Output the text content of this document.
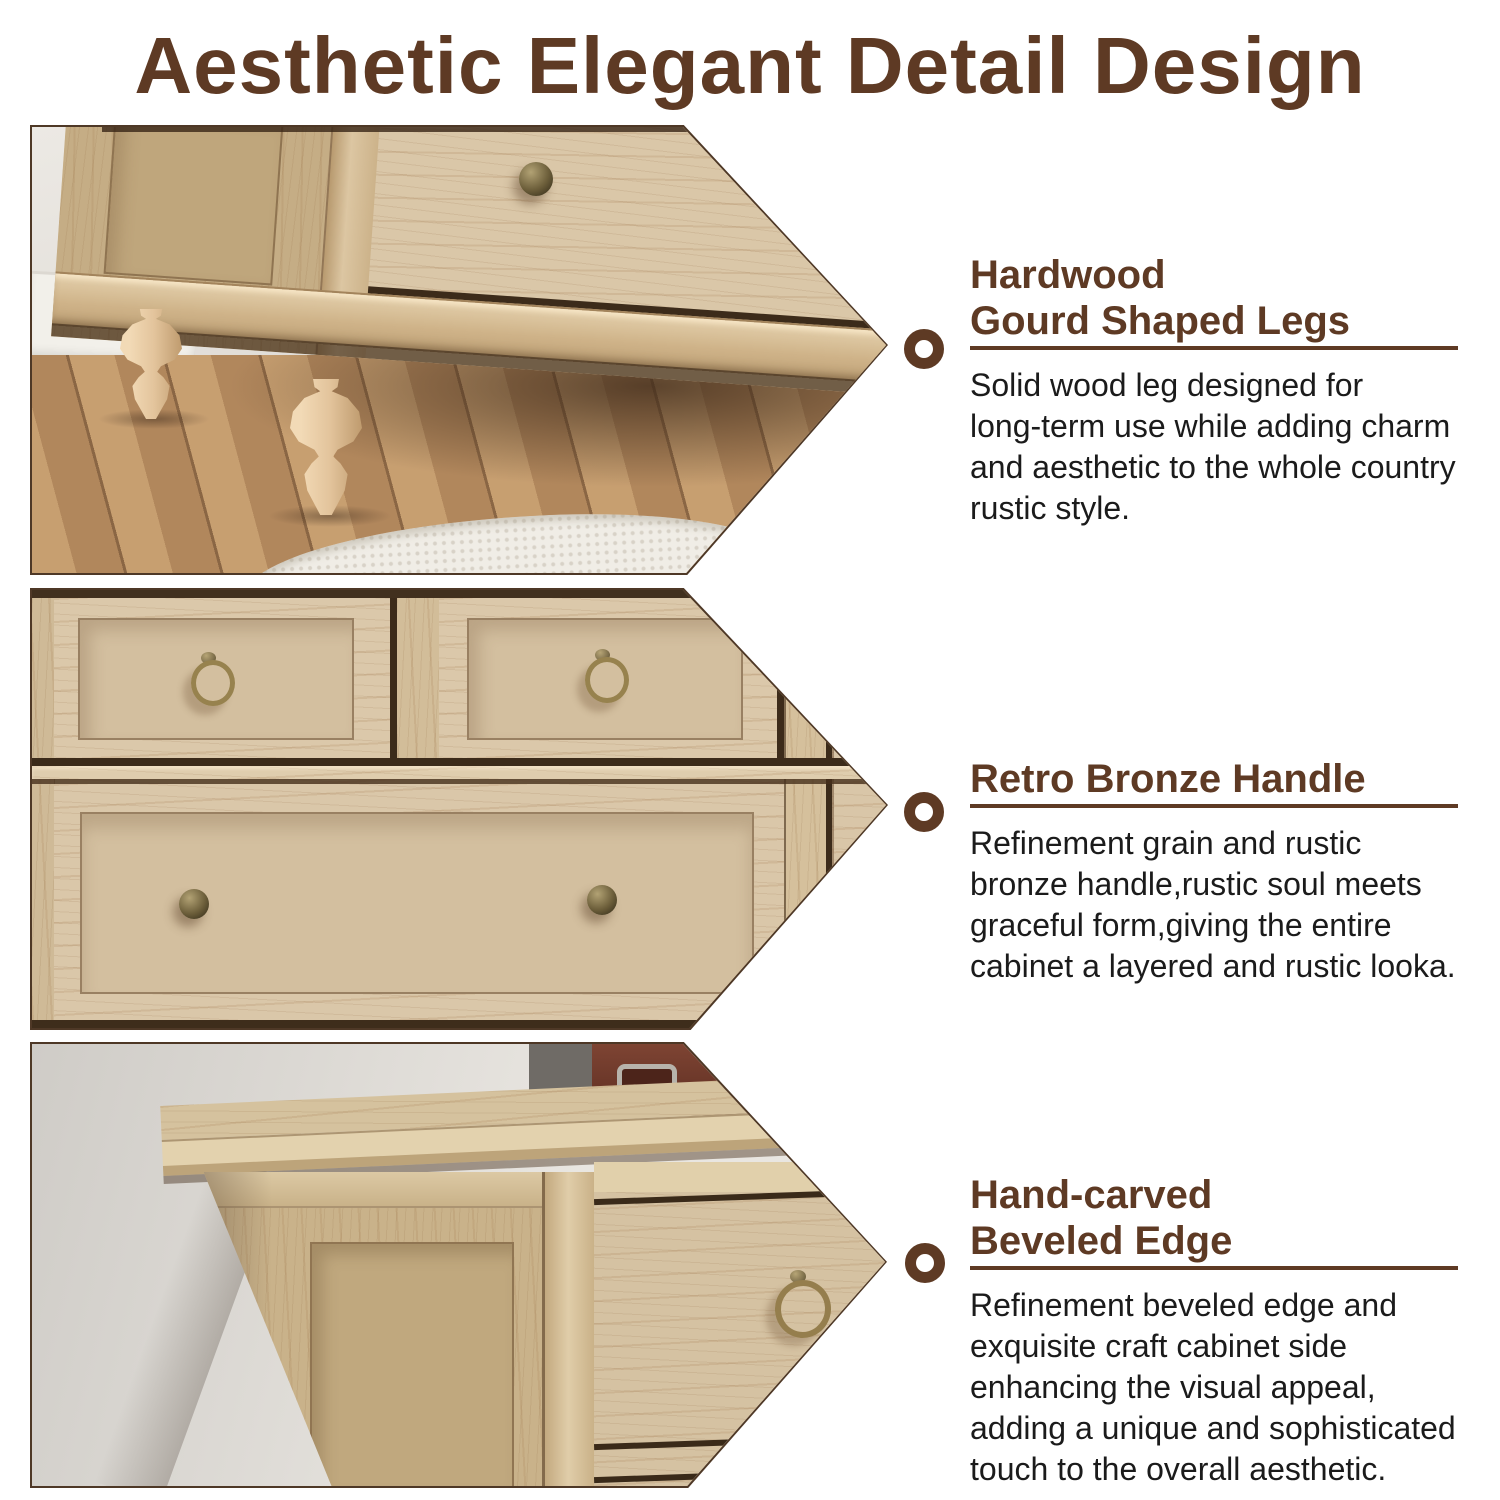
Aesthetic Elegant Detail Design
Hardwood
Gourd Shaped Legs
Solid wood leg designed for
long-term use while adding charm
and aesthetic to the whole country
rustic style.
Retro Bronze Handle
Refinement grain and rustic
bronze handle,rustic soul meets
graceful form,giving the entire
cabinet a layered and rustic looka.
Hand-carved
Beveled Edge
Refinement beveled edge and
exquisite craft cabinet side
enhancing the visual appeal,
adding a unique and sophisticated
touch to the overall aesthetic.
